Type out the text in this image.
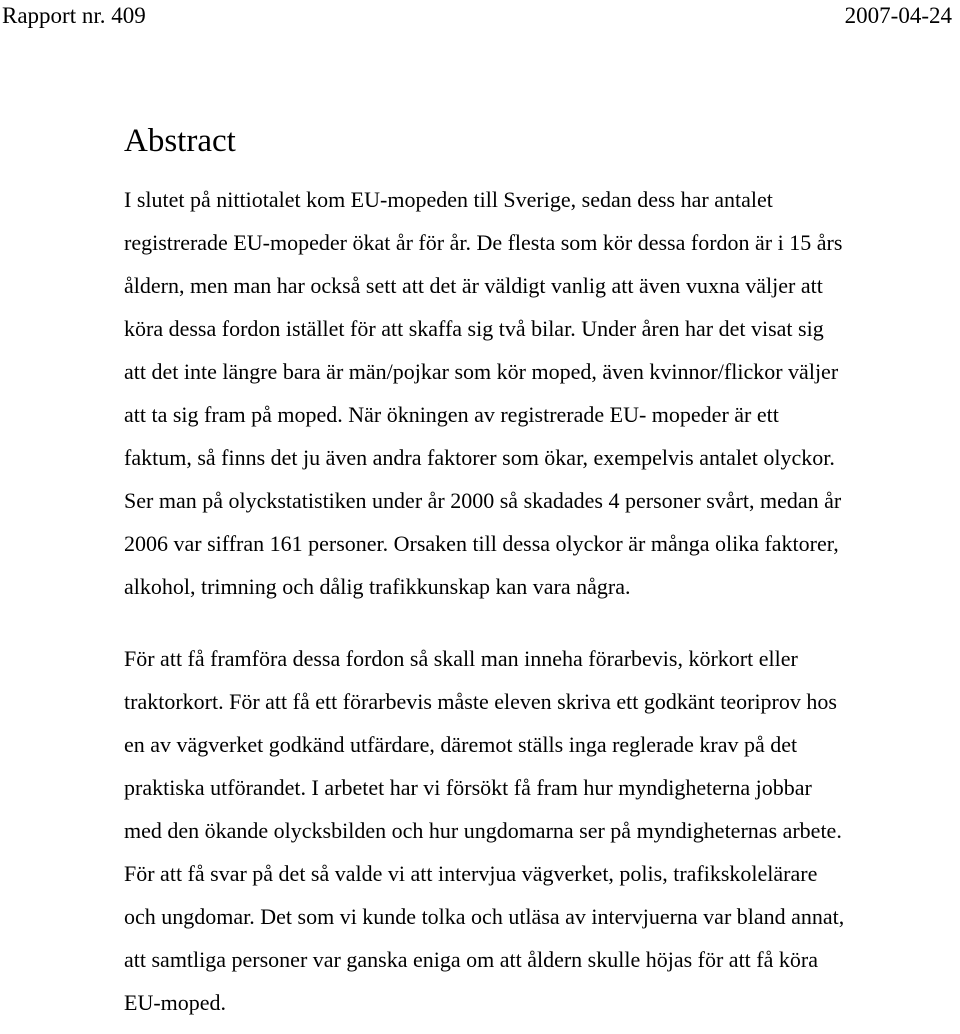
Rapport nr. 409	2007-04-24
Abstract
I slutet på nittiotalet kom EU-mopeden till Sverige, sedan dess har antalet
registrerade EU-mopeder ökat år för år. De flesta som kör dessa fordon är i 15 års
åldern, men man har också sett att det är väldigt vanlig att även vuxna väljer att
köra dessa fordon istället för att skaffa sig två bilar. Under åren har det visat sig
att det inte längre bara är män/pojkar som kör moped, även kvinnor/flickor väljer
att ta sig fram på moped. När ökningen av registrerade EU- mopeder är ett
faktum, så finns det ju även andra faktorer som ökar, exempelvis antalet olyckor.
Ser man på olyckstatistiken under år 2000 så skadades 4 personer svårt, medan år
2006 var siffran 161 personer. Orsaken till dessa olyckor är många olika faktorer,
alkohol, trimning och dålig trafikkunskap kan vara några.
För att få framföra dessa fordon så skall man inneha förarbevis, körkort eller
traktorkort. För att få ett förarbevis måste eleven skriva ett godkänt teoriprov hos
en av vägverket godkänd utfärdare, däremot ställs inga reglerade krav på det
praktiska utförandet. I arbetet har vi försökt få fram hur myndigheterna jobbar
med den ökande olycksbilden och hur ungdomarna ser på myndigheternas arbete.
För att få svar på det så valde vi att intervjua vägverket, polis, trafikskolelärare
och ungdomar. Det som vi kunde tolka och utläsa av intervjuerna var bland annat,
att samtliga personer var ganska eniga om att åldern skulle höjas för att få köra
EU-moped.
